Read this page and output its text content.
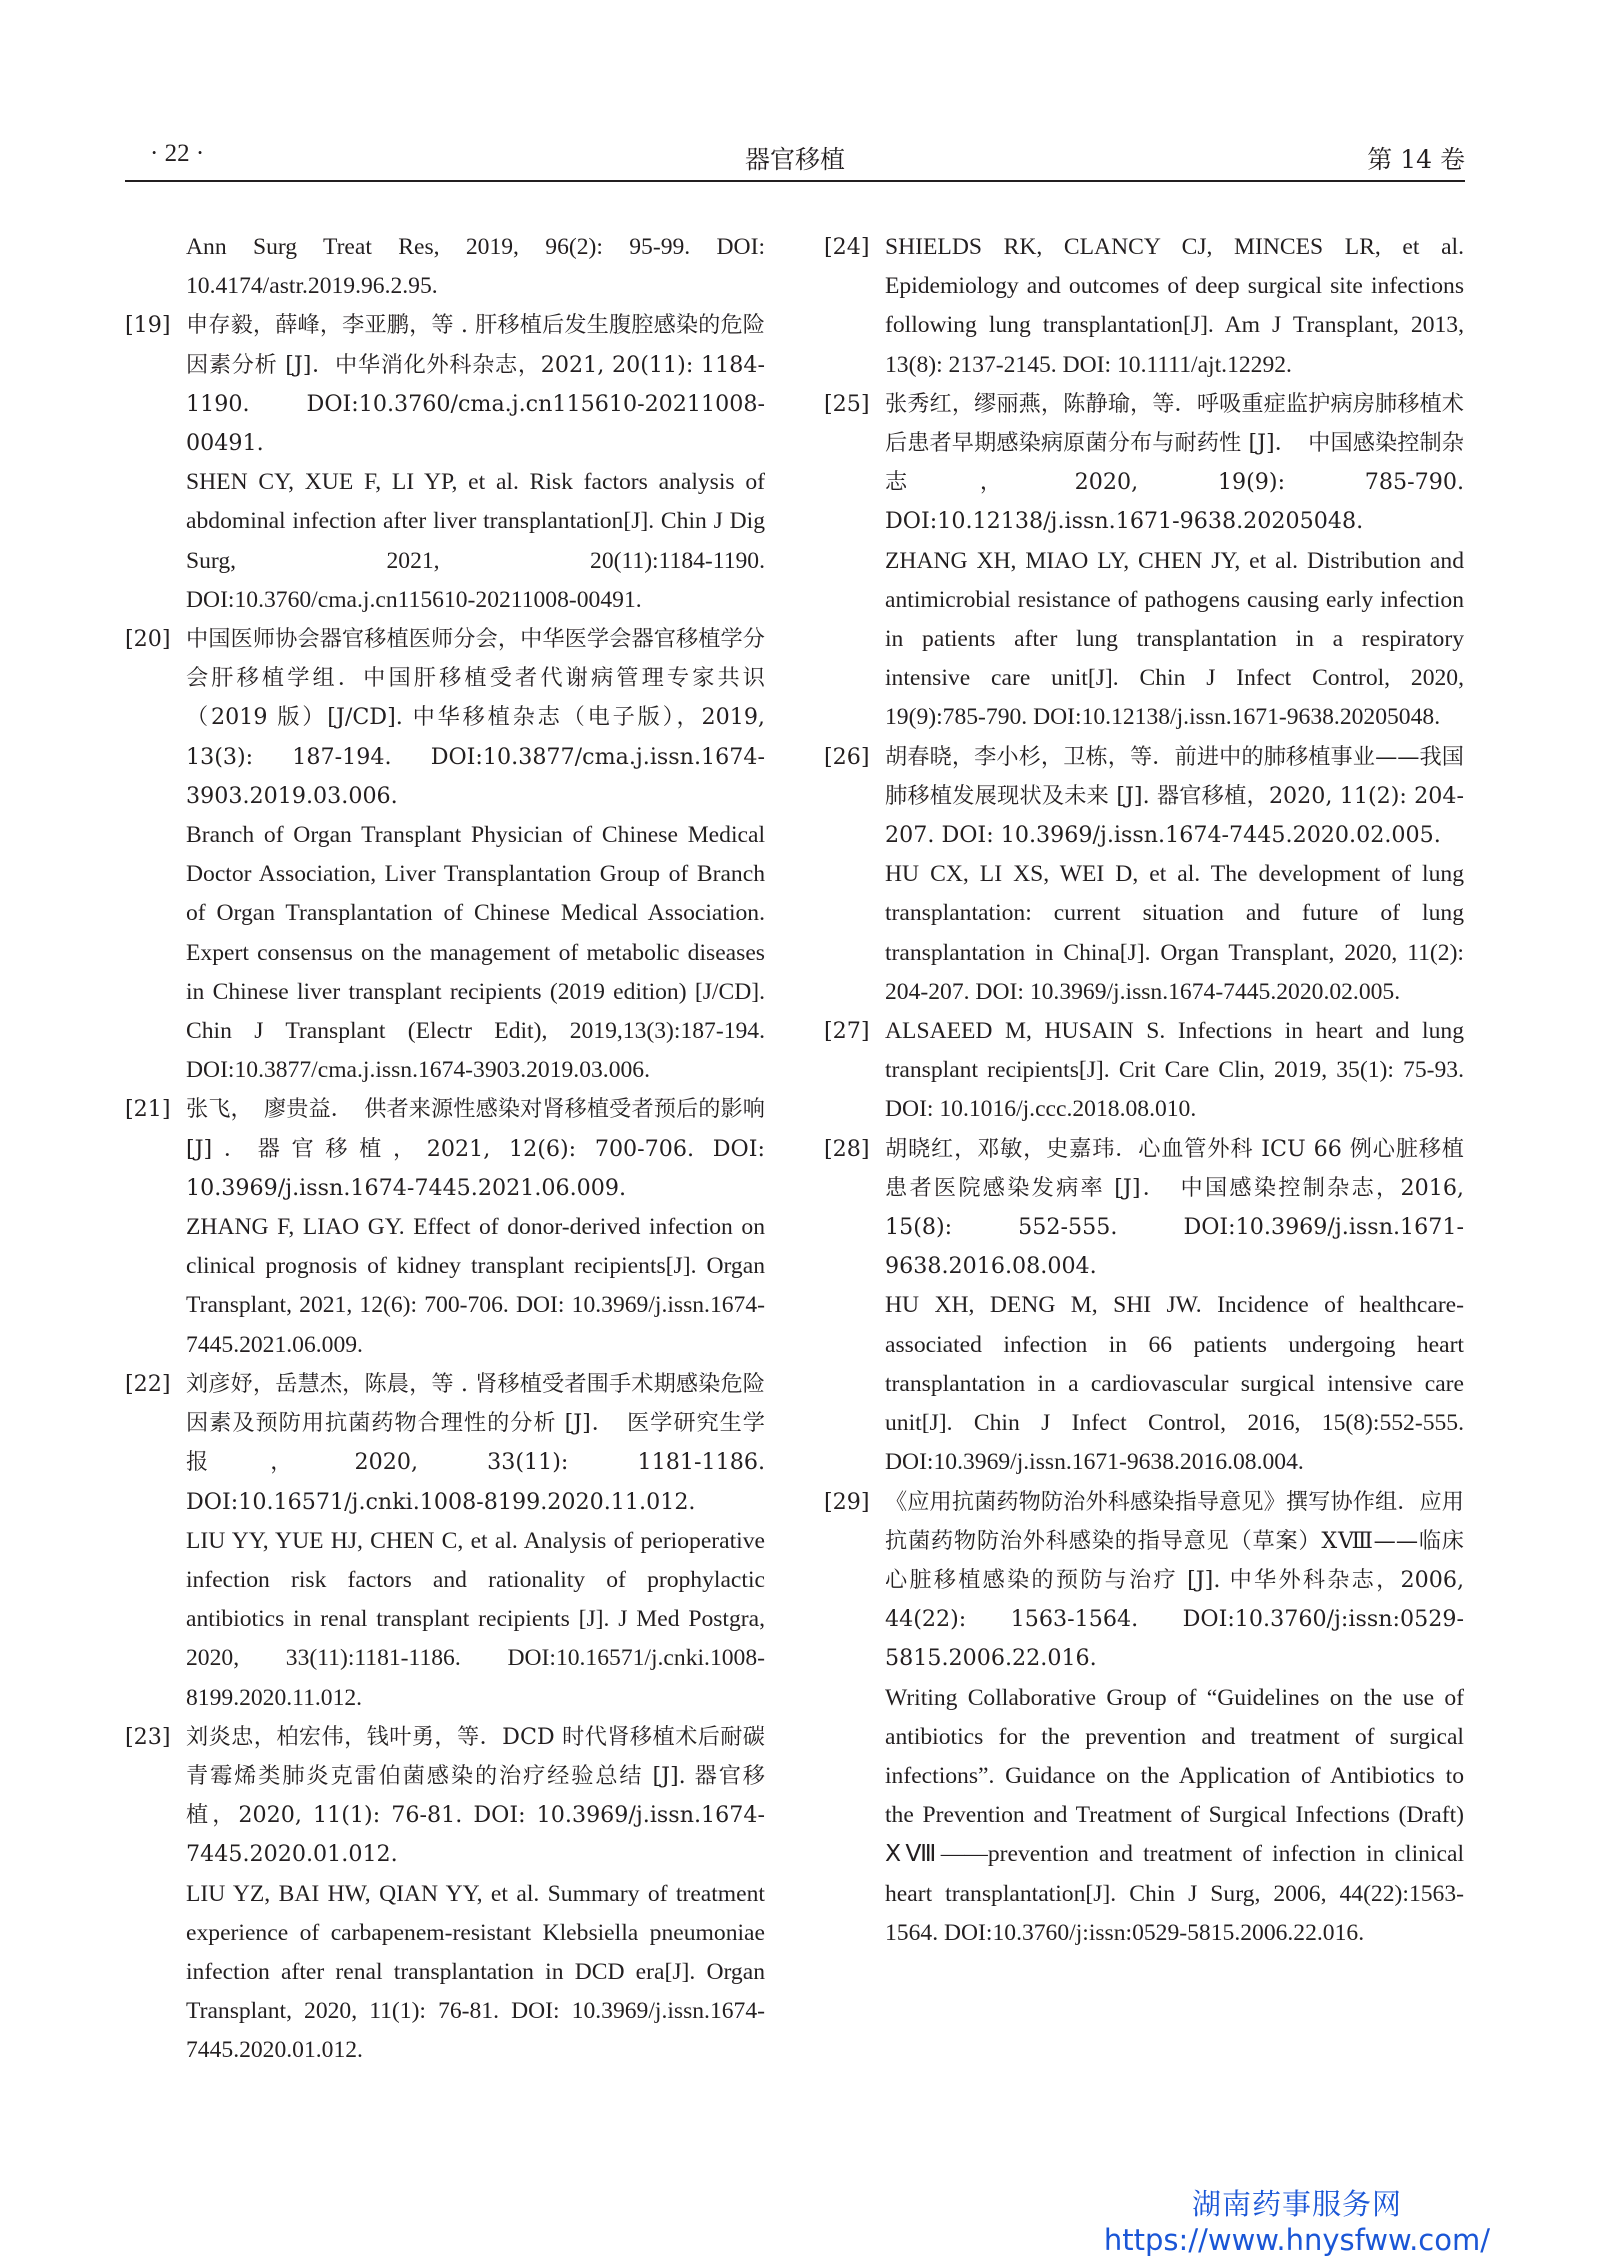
· 22 ·	器官移植	第 14 卷
Ann Surg Treat Res, 2019, 96(2): 95-99. DOI: 10.4174/astr.2019.96.2.95.
[19] 申存毅，薛峰，李亚鹏，等 . 肝移植后发生腹腔感染的危险因素分析 [J]．中华消化外科杂志，2021, 20(11): 1184-1190.　DOI:10.3760/cma.j.cn115610-20211008-00491.
SHEN CY, XUE F, LI YP, et al. Risk factors analysis of abdominal infection after liver transplantation[J]. Chin J Dig Surg, 2021, 20(11):1184-1190. DOI:10.3760/cma.j.cn115610-20211008-00491.
[20] 中国医师协会器官移植医师分会，中华医学会器官移植学分会肝移植学组．中国肝移植受者代谢病管理专家共识（2019 版）[J/CD]. 中华移植杂志（电子版），2019, 13(3): 187-194. DOI:10.3877/cma.j.issn.1674-3903.2019.03.006.
Branch of Organ Transplant Physician of Chinese Medical Doctor Association, Liver Transplantation Group of Branch of Organ Transplantation of Chinese Medical Association. Expert consensus on the management of metabolic diseases in Chinese liver transplant recipients (2019 edition) [J/CD]. Chin J Transplant (Electr Edit), 2019,13(3):187-194. DOI:10.3877/cma.j.issn.1674-3903.2019.03.006.
[21] 张飞，　廖贵益．　供者来源性感染对肾移植受者预后的影响 [J]．器官移植，2021, 12(6): 700-706. DOI: 10.3969/j.issn.1674-7445.2021.06.009.
ZHANG F, LIAO GY. Effect of donor-derived infection on clinical prognosis of kidney transplant recipients[J]. Organ Transplant, 2021, 12(6): 700-706. DOI: 10.3969/j.issn.1674-7445.2021.06.009.
[22] 刘彦妤，岳慧杰，陈晨，等 . 肾移植受者围手术期感染危险因素及预防用抗菌药物合理性的分析 [J]．　医学研究生学报，2020, 33(11): 1181-1186. DOI:10.16571/j.cnki.1008-8199.2020.11.012.
LIU YY, YUE HJ, CHEN C, et al. Analysis of perioperative infection risk factors and rationality of prophylactic antibiotics in renal transplant recipients [J]. J Med Postgra, 2020, 33(11):1181-1186. DOI:10.16571/j.cnki.1008-8199.2020.11.012.
[23] 刘炎忠，柏宏伟，钱叶勇，等．DCD 时代肾移植术后耐碳青霉烯类肺炎克雷伯菌感染的治疗经验总结 [J]. 器官移植，2020, 11(1): 76-81. DOI: 10.3969/j.issn.1674-7445.2020.01.012.
LIU YZ, BAI HW, QIAN YY, et al. Summary of treatment experience of carbapenem-resistant Klebsiella pneumoniae infection after renal transplantation in DCD era[J]. Organ Transplant, 2020, 11(1): 76-81. DOI: 10.3969/j.issn.1674-7445.2020.01.012.
[24] SHIELDS RK, CLANCY CJ, MINCES LR, et al. Epidemiology and outcomes of deep surgical site infections following lung transplantation[J]. Am J Transplant, 2013, 13(8): 2137-2145. DOI: 10.1111/ajt.12292.
[25] 张秀红，缪丽燕，陈静瑜，等．呼吸重症监护病房肺移植术后患者早期感染病原菌分布与耐药性 [J]．　中国感染控制杂志，2020, 19(9): 785-790. DOI:10.12138/j.issn.1671-9638.20205048.
ZHANG XH, MIAO LY, CHEN JY, et al. Distribution and antimicrobial resistance of pathogens causing early infection in patients after lung transplantation in a respiratory intensive care unit[J]. Chin J Infect Control, 2020, 19(9):785-790. DOI:10.12138/j.issn.1671-9638.20205048.
[26] 胡春晓，李小杉，卫栋，等．前进中的肺移植事业——我国肺移植发展现状及未来 [J]. 器官移植，2020, 11(2): 204-207. DOI: 10.3969/j.issn.1674-7445.2020.02.005.
HU CX, LI XS, WEI D, et al. The development of lung transplantation: current situation and future of lung transplantation in China[J]. Organ Transplant, 2020, 11(2): 204-207. DOI: 10.3969/j.issn.1674-7445.2020.02.005.
[27] ALSAEED M, HUSAIN S. Infections in heart and lung transplant recipients[J]. Crit Care Clin, 2019, 35(1): 75-93. DOI: 10.1016/j.ccc.2018.08.010.
[28] 胡晓红，邓敏，史嘉玮．心血管外科 ICU 66 例心脏移植患者医院感染发病率 [J]．　中国感染控制杂志，2016, 15(8): 552-555. DOI:10.3969/j.issn.1671-9638.2016.08.004.
HU XH, DENG M, SHI JW. Incidence of healthcare-associated infection in 66 patients undergoing heart transplantation in a cardiovascular surgical intensive care unit[J]. Chin J Infect Control, 2016, 15(8):552-555. DOI:10.3969/j.issn.1671-9638.2016.08.004.
[29] 《应用抗菌药物防治外科感染指导意见》撰写协作组．应用抗菌药物防治外科感染的指导意见（草案）ⅩⅧ——临床心脏移植感染的预防与治疗 [J]. 中华外科杂志，2006, 44(22): 1563-1564. DOI:10.3760/j:issn:0529-5815.2006.22.016.
Writing Collaborative Group of “Guidelines on the use of antibiotics for the prevention and treatment of surgical infections”. Guidance on the Application of Antibiotics to the Prevention and Treatment of Surgical Infections (Draft) ⅩⅧ——prevention and treatment of infection in clinical heart transplantation[J]. Chin J Surg, 2006, 44(22):1563-1564. DOI:10.3760/j:issn:0529-5815.2006.22.016.
湖南药事服务网
https://www.hnysfww.com/
